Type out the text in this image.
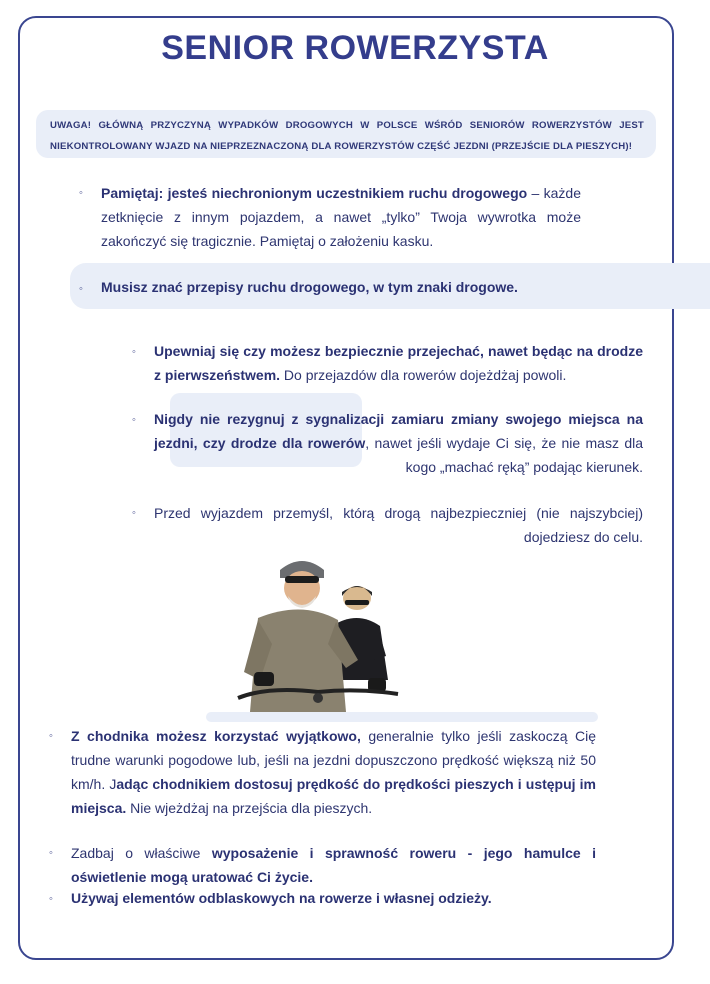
SENIOR ROWERZYSTA
UWAGA! GŁÓWNĄ PRZYCZYNĄ WYPADKÓW DROGOWYCH W POLSCE WŚRÓD SENIORÓW ROWERZYSTÓW JEST NIEKONTROLOWANY WJAZD NA NIEPRZEZNACZONĄ DLA ROWERZYSTÓW CZĘŚĆ JEZDNI (PRZEJŚCIE DLA PIESZYCH)!
◦ Pamiętaj: jesteś niechronionym uczestnikiem ruchu drogowego – każde zetknięcie z innym pojazdem, a nawet „tylko” Twoja wywrotka może zakończyć się tragicznie. Pamiętaj o założeniu kasku.
◦ Musisz znać przepisy ruchu drogowego, w tym znaki drogowe.
◦ Upewniaj się czy możesz bezpiecznie przejechać, nawet będąc na drodze z pierwszeństwem. Do przejazdów dla rowerów dojeżdżaj powoli.
◦ Nigdy nie rezygnuj z sygnalizacji zamiaru zmiany swojego miejsca na jezdni, czy drodze dla rowerów, nawet jeśli wydaje Ci się, że nie masz dla kogo „machać ręką” podając kierunek.
◦ Przed wyjazdem przemyśl, którą drogą najbezpieczniej (nie najszybciej) dojedziesz do celu.
◦ Z chodnika możesz korzystać wyjątkowo, generalnie tylko jeśli zaskoczą Cię trudne warunki pogodowe lub, jeśli na jezdni dopuszczono prędkość większą niż 50 km/h. Jadąc chodnikiem dostosuj prędkość do prędkości pieszych i ustępuj im miejsca. Nie wjeżdżaj na przejścia dla pieszych.
◦ Zadbaj o właściwe wyposażenie i sprawność roweru - jego hamulce i oświetlenie mogą uratować Ci życie.
◦ Używaj elementów odblaskowych na rowerze i własnej odzieży.
